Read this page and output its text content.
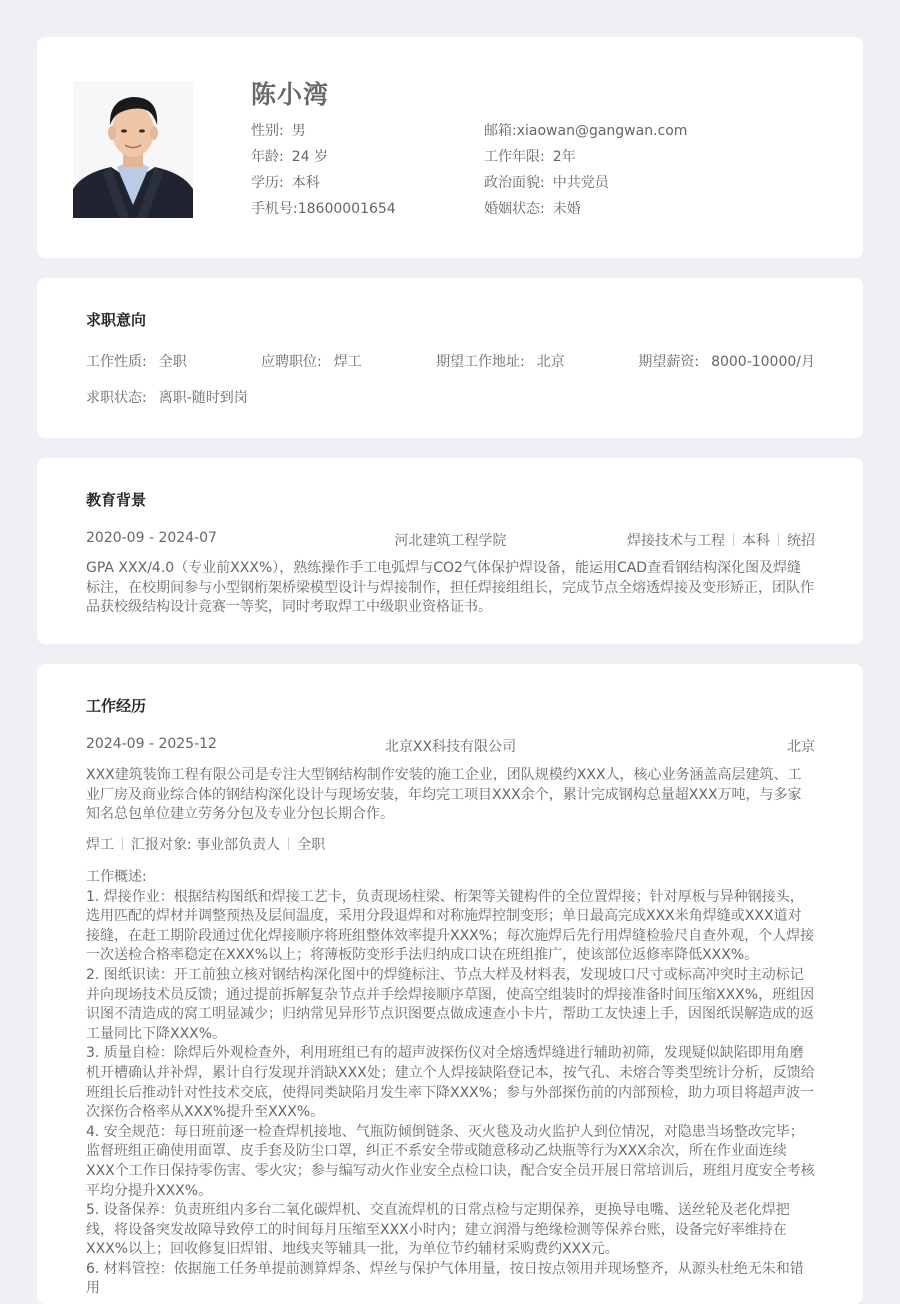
陈小湾
性别: 男
年龄: 24 岁
学历: 本科
手机号:18600001654
邮箱:xiaowan@gangwan.com
工作年限: 2年
政治面貌: 中共党员
婚姻状态: 未婚
求职意向
工作性质: 全职	应聘职位: 焊工	期望工作地址: 北京	期望薪资: 8000-10000/月
求职状态: 离职-随时到岗
教育背景
2020-09 - 2024-07	河北建筑工程学院	焊接技术与工程 本科 统招
GPA XXX/4.0（专业前XXX%），熟练操作手工电弧焊与CO2气体保护焊设备，能运用CAD查看钢结构深化图及焊缝标注，在校期间参与小型钢桁架桥梁模型设计与焊接制作，担任焊接组组长，完成节点全熔透焊接及变形矫正，团队作品获校级结构设计竞赛一等奖，同时考取焊工中级职业资格证书。
工作经历
2024-09 - 2025-12	北京XX科技有限公司	北京
XXX建筑装饰工程有限公司是专注大型钢结构制作安装的施工企业，团队规模约XXX人，核心业务涵盖高层建筑、工业厂房及商业综合体的钢结构深化设计与现场安装，年均完工项目XXX余个，累计完成钢构总量超XXX万吨，与多家知名总包单位建立劳务分包及专业分包长期合作。
焊工 汇报对象: 事业部负责人 全职
工作概述:
1. 焊接作业：根据结构图纸和焊接工艺卡，负责现场柱梁、桁架等关键构件的全位置焊接；针对厚板与异种钢接头，选用匹配的焊材并调整预热及层间温度，采用分段退焊和对称施焊控制变形；单日最高完成XXX米角焊缝或XXX道对接缝，在赶工期阶段通过优化焊接顺序将班组整体效率提升XXX%；每次施焊后先行用焊缝检验尺自查外观，个人焊接一次送检合格率稳定在XXX%以上；将薄板防变形手法归纳成口诀在班组推广，使该部位返修率降低XXX%。
2. 图纸识读：开工前独立核对钢结构深化图中的焊缝标注、节点大样及材料表，发现坡口尺寸或标高冲突时主动标记并向现场技术员反馈；通过提前拆解复杂节点并手绘焊接顺序草图，使高空组装时的焊接准备时间压缩XXX%，班组因识图不清造成的窝工明显减少；归纳常见异形节点识图要点做成速查小卡片，帮助工友快速上手，因图纸误解造成的返工量同比下降XXX%。
3. 质量自检：除焊后外观检查外，利用班组已有的超声波探伤仪对全熔透焊缝进行辅助初筛，发现疑似缺陷即用角磨机开槽确认并补焊，累计自行发现并消缺XXX处；建立个人焊接缺陷登记本，按气孔、未熔合等类型统计分析，反馈给班组长后推动针对性技术交底，使得同类缺陷月发生率下降XXX%；参与外部探伤前的内部预检，助力项目将超声波一次探伤合格率从XXX%提升至XXX%。
4. 安全规范：每日班前逐一检查焊机接地、气瓶防倾倒链条、灭火毯及动火监护人到位情况，对隐患当场整改完毕；监督班组正确使用面罩、皮手套及防尘口罩，纠正不系安全带或随意移动乙炔瓶等行为XXX余次，所在作业面连续XXX个工作日保持零伤害、零火灾；参与编写动火作业安全点检口诀，配合安全员开展日常培训后，班组月度安全考核平均分提升XXX%。
5. 设备保养：负责班组内多台二氧化碳焊机、交直流焊机的日常点检与定期保养，更换导电嘴、送丝轮及老化焊把线，将设备突发故障导致停工的时间每月压缩至XXX小时内；建立润滑与绝缘检测等保养台账，设备完好率维持在XXX%以上；回收修复旧焊钳、地线夹等辅具一批，为单位节约辅材采购费约XXX元。
6. 材料管控：依据施工任务单提前测算焊条、焊丝与保护气体用量，按日按点领用并现场整齐，从源头杜绝无朱和错用
